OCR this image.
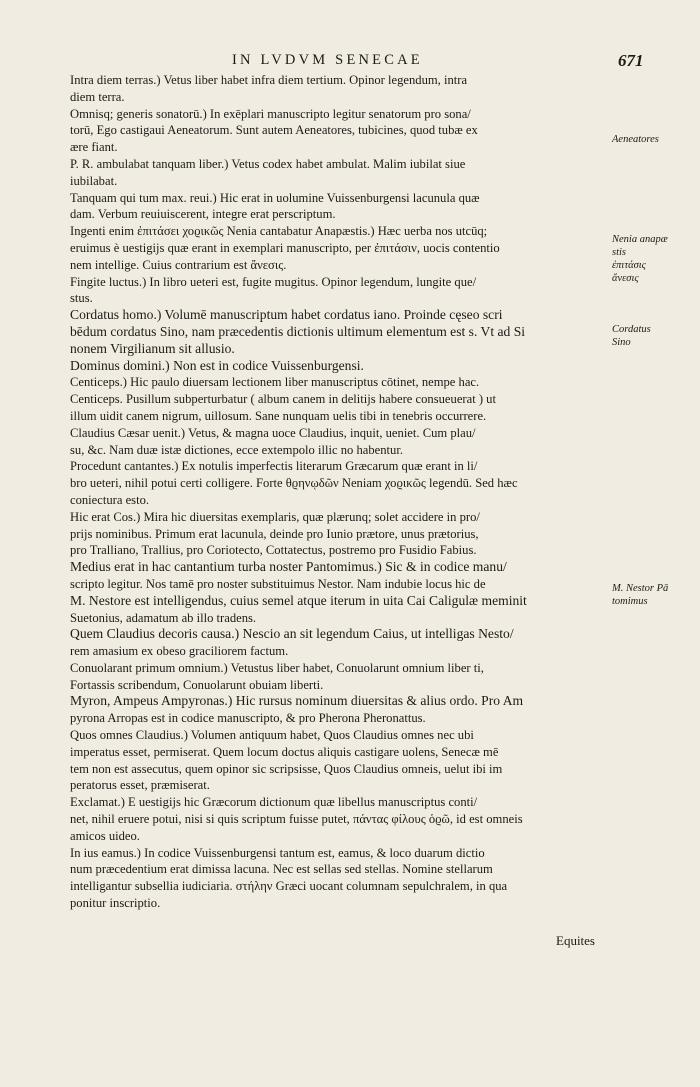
IN LVDVM SENECAE	671
Intra diem terras.) Vetus liber habet infra diem tertium. Opinor legendum, intra
diem terra.
Omnisq; generis sonatorū.) In exēplari manuscripto legitur senatorum pro sona/
torū, Ego castigaui Aeneatorum. Sunt autem Aeneatores, tubicines, quod tubæ ex
ære fiant.
P. R. ambulabat tanquam liber.) Vetus codex habet ambulat. Malim iubilat siue
iubilabat.
Tanquam qui tum max. reui.) Hic erat in uolumine Vuissenburgensi lacunula quæ
dam. Verbum reuiuiscerent, integre erat perscriptum.
Ingenti enim ἐπιτάσει χοϱικῶς Nenia cantabatur Anapæstis.) Hæc uerba nos utcūq;
eruimus è uestigijs quæ erant in exemplari manuscripto, per ἐπιτάσιν, uocis contentio
nem intellige. Cuius contrarium est ἄνεσις.
Fingite luctus.) In libro ueteri est, fugite mugitus. Opinor legendum, lungite que/
stus.
Cordatus homo.) Volumē manuscriptum habet cordatus iano. Proinde cęseo scri
bēdum cordatus Sino, nam præcedentis dictionis ultimum elementum est s. Vt ad Si
nonem Virgilianum sit allusio.
Dominus domini.) Non est in codice Vuissenburgensi.
Centiceps.) Hic paulo diuersam lectionem liber manuscriptus cōtinet, nempe hac.
Centiceps. Pusillum subperturbatur ( album canem in delitijs habere consueuerat ) ut
illum uidit canem nigrum, uillosum. Sane nunquam uelis tibi in tenebris occurrere.
Claudius Cæsar uenit.) Vetus, & magna uoce Claudius, inquit, ueniet. Cum plau/
su, &c. Nam duæ istæ dictiones, ecce extempolo illic no habentur.
Procedunt cantantes.) Ex notulis imperfectis literarum Græcarum quæ erant in li/
bro ueteri, nihil potui certi colligere. Forte θϱηνῳδῶν Neniam χοϱικῶς legendū. Sed hæc
coniectura esto.
Hic erat Cos.) Mira hic diuersitas exemplaris, quæ plærunq; solet accidere in pro/
prijs nominibus. Primum erat lacunula, deinde pro Iunio prætore, unus prætorius,
pro Tralliano, Trallius, pro Coriotecto, Cottatectus, postremo pro Fusidio Fabius.
Medius erat in hac cantantium turba noster Pantomimus.) Sic & in codice manu/
scripto legitur. Nos tamē pro noster substituimus Nestor. Nam indubie locus hic de
M. Nestore est intelligendus, cuius semel atque iterum in uita Cai Caligulæ meminit
Suetonius, adamatum ab illo tradens.
Quem Claudius decoris causa.) Nescio an sit legendum Caius, ut intelligas Nesto/
rem amasium ex obeso graciliorem factum.
Conuolarant primum omnium.) Vetustus liber habet, Conuolarunt omnium liber ti,
Fortassis scribendum, Conuolarunt obuiam liberti.
Myron, Ampeus Ampyronas.) Hic rursus nominum diuersitas & alius ordo. Pro Am
pyrona Arropas est in codice manuscripto, & pro Pherona Pheronattus.
Quos omnes Claudius.) Volumen antiquum habet, Quos Claudius omnes nec ubi
imperatus esset, permiserat. Quem locum doctus aliquis castigare uolens, Senecæ mē
tem non est assecutus, quem opinor sic scripsisse, Quos Claudius omneis, uelut ibi im
peratorus esset, præmiserat.
Exclamat.) E uestigijs hic Græcorum dictionum quæ libellus manuscriptus conti/
net, nihil eruere potui, nisi si quis scriptum fuisse putet, πάντας φίλους ὁϱῶ, id est omneis
amicos uideo.
In ius eamus.) In codice Vuissenburgensi tantum est, eamus, & loco duarum dictio
num præcedentium erat dimissa lacuna. Nec est sellas sed stellas. Nomine stellarum
intelligantur subsellia iudiciaria. στήλην Græci uocant columnam sepulchralem, in qua
ponitur inscriptio.
Aeneatores
Nenia anapæ
stis
ἐπιτάσις
ἄνεσις
Cordatus
Sino
M. Nestor Pā
tomimus
Equites
